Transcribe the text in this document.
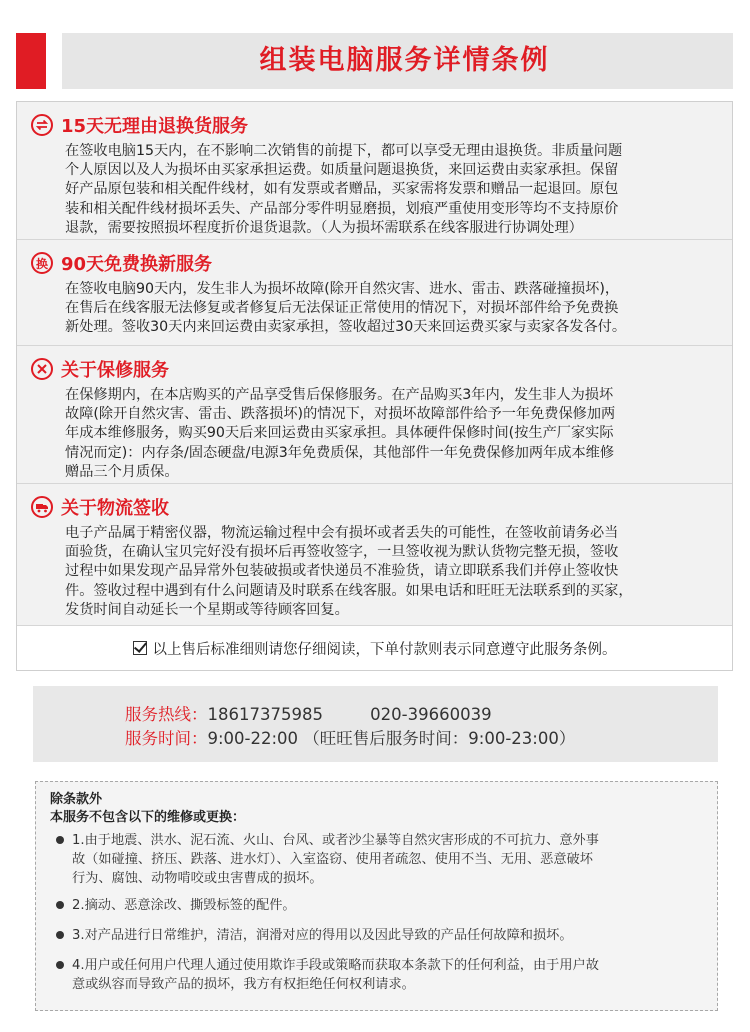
组装电脑服务详情条例
15天无理由退换货服务
在签收电脑15天内，在不影响二次销售的前提下，都可以享受无理由退换货。非质量问题
个人原因以及人为损坏由买家承担运费。如质量问题退换货，来回运费由卖家承担。保留
好产品原包装和相关配件线材，如有发票或者赠品，买家需将发票和赠品一起退回。原包
装和相关配件线材损坏丢失、产品部分零件明显磨损，划痕严重使用变形等均不支持原价
退款，需要按照损坏程度折价退货退款。（人为损坏需联系在线客服进行协调处理）
换 90天免费换新服务
在签收电脑90天内，发生非人为损坏故障(除开自然灾害、进水、雷击、跌落碰撞损坏)，
在售后在线客服无法修复或者修复后无法保证正常使用的情况下，对损坏部件给予免费换
新处理。签收30天内来回运费由卖家承担，签收超过30天来回运费买家与卖家各发各付。
关于保修服务
在保修期内，在本店购买的产品享受售后保修服务。在产品购买3年内，发生非人为损坏
故障(除开自然灾害、雷击、跌落损坏)的情况下，对损坏故障部件给予一年免费保修加两
年成本维修服务，购买90天后来回运费由买家承担。具体硬件保修时间(按生产厂家实际
情况而定)：内存条/固态硬盘/电源3年免费质保，其他部件一年免费保修加两年成本维修
赠品三个月质保。
关于物流签收
电子产品属于精密仪器，物流运输过程中会有损坏或者丢失的可能性，在签收前请务必当
面验货，在确认宝贝完好没有损坏后再签收签字，一旦签收视为默认货物完整无损，签收
过程中如果发现产品异常外包装破损或者快递员不准验货，请立即联系我们并停止签收快
件。签收过程中遇到有什么问题请及时联系在线客服。如果电话和旺旺无法联系到的买家，
发货时间自动延长一个星期或等待顾客回复。
以上售后标准细则请您仔细阅读，下单付款则表示同意遵守此服务条例。
服务热线：18617375985         020-39660039
服务时间：9:00-22:00 （旺旺售后服务时间：9:00-23:00）
除条款外
本服务不包含以下的维修或更换：
1.由于地震、洪水、泥石流、火山、台风、或者沙尘暴等自然灾害形成的不可抗力、意外事
故（如碰撞、挤压、跌落、进水灯）、入室盗窃、使用者疏忽、使用不当、无用、恶意破坏
行为、腐蚀、动物啃咬或虫害曹成的损坏。
2.摘动、恶意涂改、撕毁标签的配件。
3.对产品进行日常维护，清洁，润滑对应的得用以及因此导致的产品任何故障和损坏。
4.用户或任何用户代理人通过使用欺诈手段或策略而获取本条款下的任何利益，由于用户故
意或纵容而导致产品的损坏，我方有权拒绝任何权利请求。
